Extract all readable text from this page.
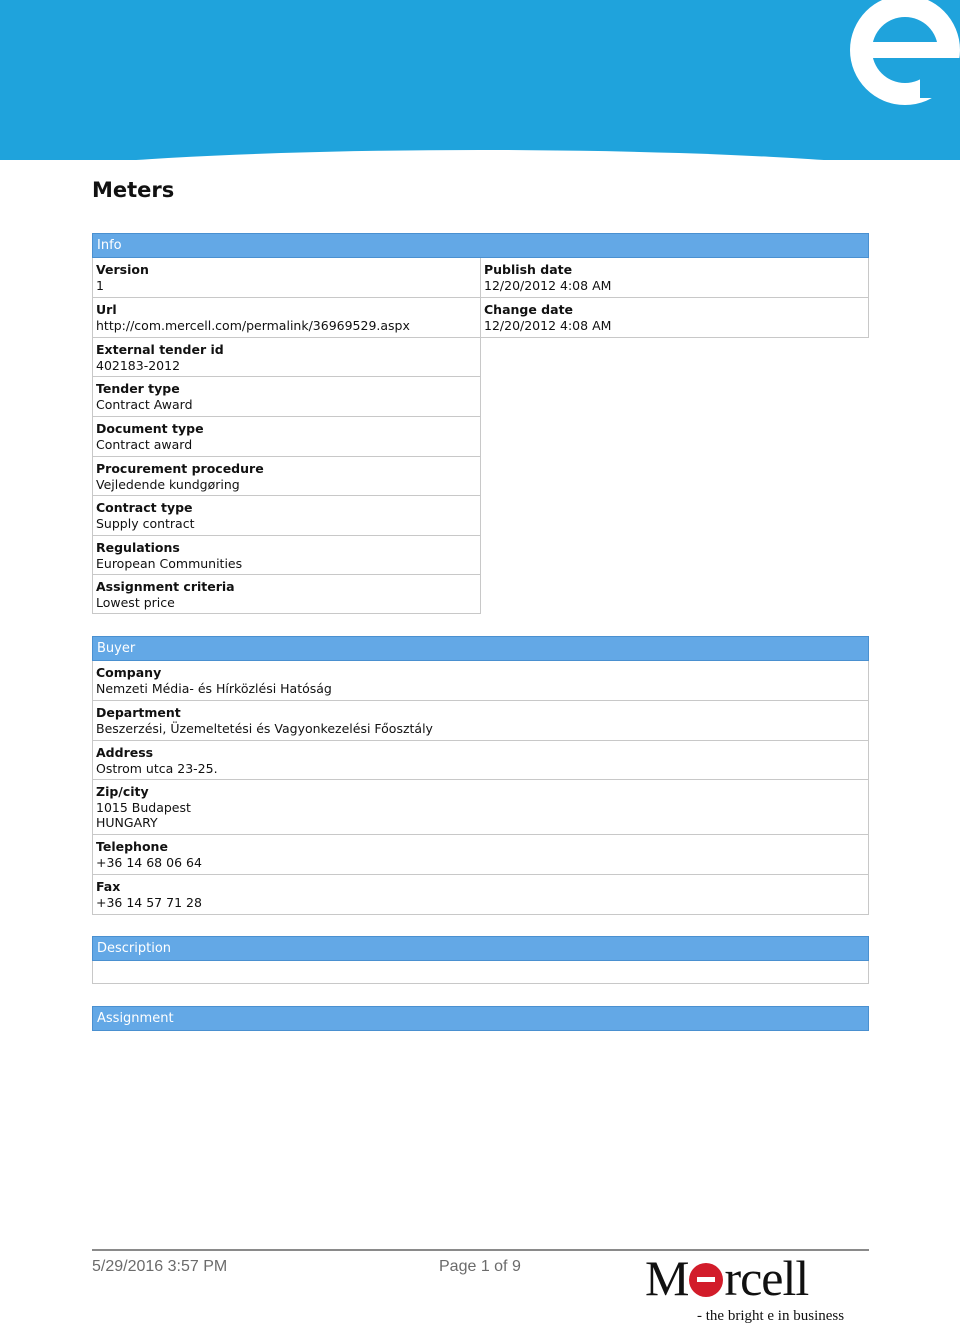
Meters
Info
Version
1
Url
http://com.mercell.com/permalink/36969529.aspx
External tender id
402183-2012
Tender type
Contract Award
Document type
Contract award
Procurement procedure
Vejledende kundgøring
Contract type
Supply contract
Regulations
European Communities
Assignment criteria
Lowest price
Publish date
12/20/2012 4:08 AM
Change date
12/20/2012 4:08 AM
Buyer
Company
Nemzeti Média- és Hírközlési Hatóság
Department
Beszerzési, Üzemeltetési és Vagyonkezelési Főosztály
Address
Ostrom utca 23-25.
Zip/city
1015 Budapest
HUNGARY
Telephone
+36 14 68 06 64
Fax
+36 14 57 71 28
Description
Assignment
5/29/2016 3:57 PM	Page 1 of 9 M rcell
- the bright e in business
